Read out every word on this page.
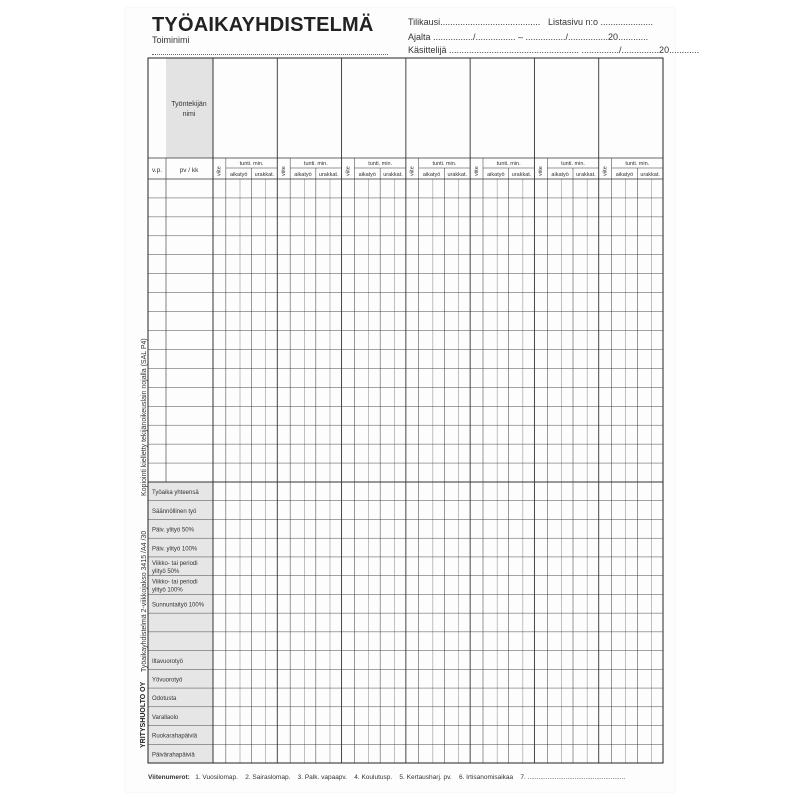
TYÖAIKAYHDISTELMÄ
Toiminimi
Tilikausi........................................ Listasivu n:o .....................
Ajalta ................/................ – ................/................20............
Käsittelijä .................................................... .............../...............20............
Työntekijän
nimi
v.p.	pv / kk	viite
tunti. min.
aikatyö urakkat. viite
tunti. min.
aikatyö urakkat. viite
tunti. min.
aikatyö urakkat. viite
tunti. min.
aikatyö urakkat. viite
tunti. min.
aikatyö urakkat. viite
tunti. min.
aikatyö urakkat. viite
tunti. min.
aikatyö urakkat.
Työaika yhteensä
Säännöllinen työ
Päiv. ylityö 50%
Päiv. ylityö 100%
Viikko- tai periodi
ylityö 50%
Viikko- tai periodi
ylityö 100%
Sunnuntaityö 100%
Iltavuorotyö
Yövuorotyö
Odotusta
Varallaolo
Ruokarahapäiviä
Päivärahapäiviä
Kopiointi kielletty tekijänoikeuslain nojalla (SAL P4)
Työaikayhdistelmä 2-viikkojakso 3415 /A4 /30
YRITYSHUOLTO OY
Viitenumerot: 1. Vuosilomap. 2. Sairaslomap. 3. Palk. vapaapv. 4. Koulutusp. 5. Kertausharj. pv. 6. Irtisanomisaikaa 7. ......................................................
